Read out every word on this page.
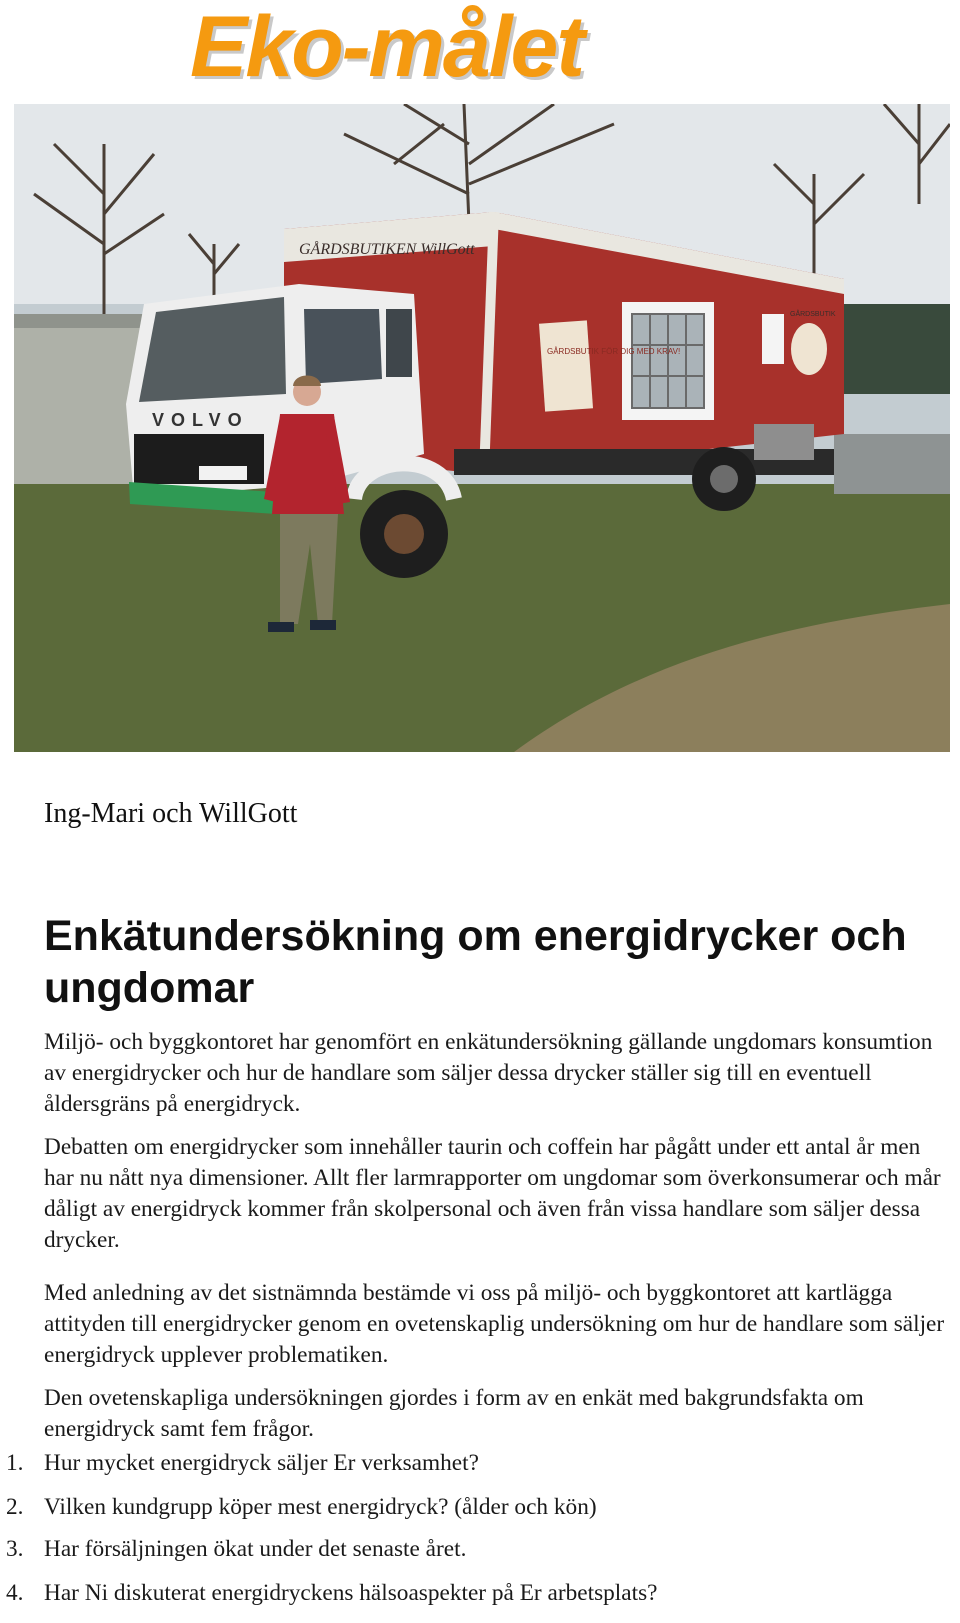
Eko-målet
GÅRDSBUTIKEN WillGott
GÅRDSBUTIK FÖR DIG MED KRAV!
GÅRDSBUTIK
VOLVO
Ing-Mari och WillGott
Enkätundersökning om energidrycker och ungdomar

Miljö- och byggkontoret har genomfört en enkätundersökning gällande ungdomars konsumtion av energidrycker och hur de handlare som säljer dessa drycker ställer sig till en eventuell åldersgräns på energidryck.

Debatten om energidrycker som innehåller taurin och coffein har pågått under ett antal år men har nu nått nya dimensioner. Allt fler larmrapporter om ungdomar som överkonsumerar och mår dåligt av energidryck kommer från skolpersonal och även från vissa handlare som säljer dessa drycker.

Med anledning av det sistnämnda bestämde vi oss på miljö- och byggkontoret att kartlägga attityden till energidrycker genom en ovetenskaplig undersökning om hur de handlare som säljer energidryck upplever problematiken.

Den ovetenskapliga undersökningen gjordes i form av en enkät med bakgrundsfakta om energidryck samt fem frågor.

1. Hur mycket energidryck säljer Er verksamhet?
2. Vilken kundgrupp köper mest energidryck? (ålder och kön)
3. Har försäljningen ökat under det senaste året.
4. Har Ni diskuterat energidryckens hälsoaspekter på Er arbetsplats?
